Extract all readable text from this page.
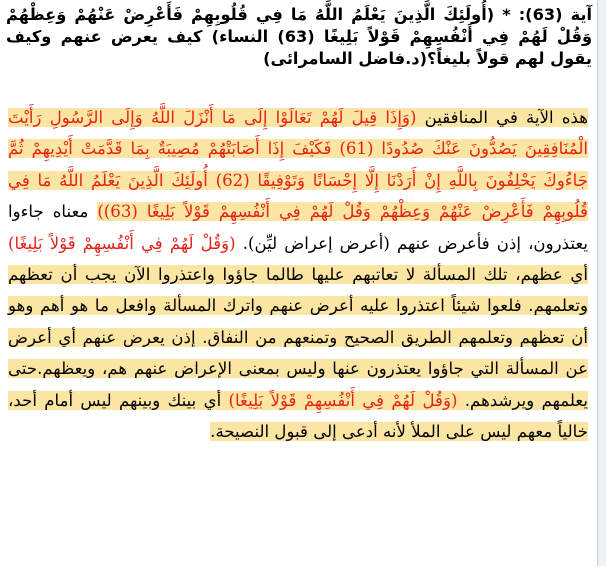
آية (63): * (أُولَئِكَ الَّذِينَ يَعْلَمُ اللَّهُ مَا فِي قُلُوبِهِمْ فَأَعْرِضْ عَنْهُمْ وَعِظْهُمْ وَقُلْ لَهُمْ فِي أَنْفُسِهِمْ قَوْلاً بَلِيغًا (63) النساء) كيف يعرض عنهم وكيف يقول لهم قولاً بليغاً؟(د.فاضل السامرائى)
هذه الآية في المنافقين (وَإِذَا قِيلَ لَهُمْ تَعَالَوْا إِلَى مَا أَنْزَلَ اللَّهُ وَإِلَى الرَّسُولِ رَأَيْتَ الْمُنَافِقِينَ يَصُدُّونَ عَنْكَ صُدُودًا (61) فَكَيْفَ إِذَا أَصَابَتْهُمْ مُصِيبَةٌ بِمَا قَدَّمَتْ أَيْدِيهِمْ ثُمَّ جَاءُوكَ يَحْلِفُونَ بِاللَّهِ إِنْ أَرَدْنَا إِلَّا إِحْسَانًا وَتَوْفِيقًا (62) أُولَئِكَ الَّذِينَ يَعْلَمُ اللَّهُ مَا فِي قُلُوبِهِمْ فَأَعْرِضْ عَنْهُمْ وَعِظْهُمْ وَقُلْ لَهُمْ فِي أَنْفُسِهِمْ قَوْلاً بَلِيغًا (63)) معناه جاءوا يعتذرون، إذن فأعرض عنهم (أعرض إعراض ليِّن). (وَقُلْ لَهُمْ فِي أَنْفُسِهِمْ قَوْلاً بَلِيغًا) أي عظهم، تلك المسألة لا تعاتبهم عليها طالما جاؤوا واعتذروا الآن يجب أن تعظهم وتعلمهم. فلعوا شيئاً اعتذروا عليه أعرض عنهم واترك المسألة وافعل ما هو أهم وهو أن تعظهم وتعلمهم الطريق الصحيح وتمنعهم من النفاق. إذن يعرض عنهم أي أعرض عن المسألة التي جاؤوا يعتذرون عنها وليس بمعنى الإعراض عنهم هم، ويعظهم.حتى يعلمهم ويرشدهم. (وَقُلْ لَهُمْ فِي أَنْفُسِهِمْ قَوْلاً بَلِيغًا) أي بينك وبينهم ليس أمام أحد، خالياً معهم ليس على الملأ لأنه أدعى إلى قبول النصيحة.
